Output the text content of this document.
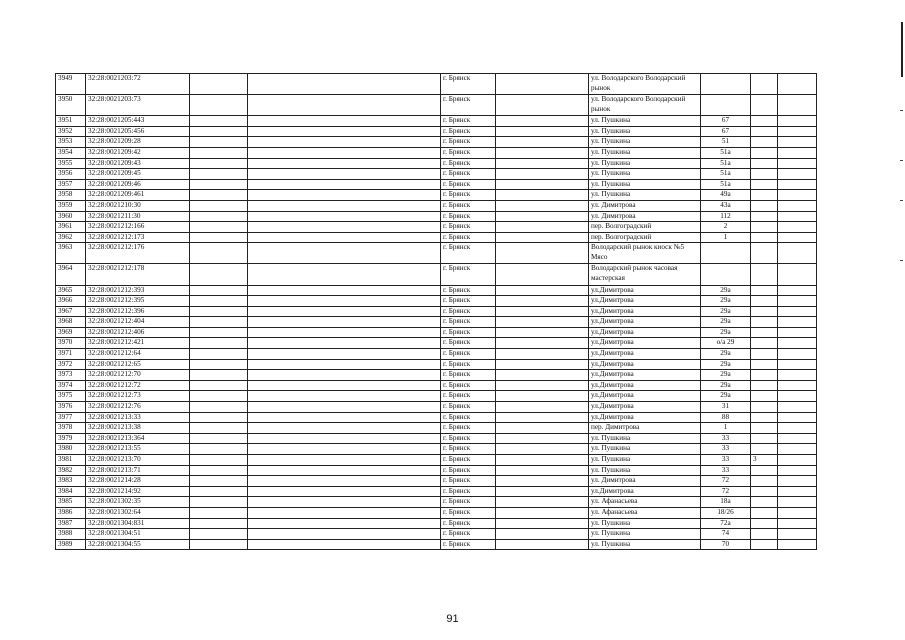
3949	32:28:0021203:72			г. Брянск		ул. Володарского Володарский рынок			
3950	32:28:0021203:73			г. Брянск		ул. Володарского Володарский рынок			
3951	32:28:0021205:443			г. Брянск		ул. Пушкина	67		
3952	32:28:0021205:456			г. Брянск		ул. Пушкина	67		
3953	32:28:0021209:28			г. Брянск		ул. Пушкина	51		
3954	32:28:0021209:42			г. Брянск		ул. Пушкина	51а		
3955	32:28:0021209:43			г. Брянск		ул. Пушкина	51а		
3956	32:28:0021209:45			г. Брянск		ул. Пушкина	51а		
3957	32:28:0021209:46			г. Брянск		ул. Пушкина	51а		
3958	32:28:0021209:461			г. Брянск		ул. Пушкина	49а		
3959	32:28:0021210:30			г. Брянск		ул. Димитрова	43а		
3960	32:28:0021211:30			г. Брянск		ул. Димитрова	112		
3961	32:28:0021212:166			г. Брянск		пер. Волгоградский	2		
3962	32:28:0021212:173			г. Брянск		пер. Волгоградский	1		
3963	32:28:0021212:176			г. Брянск		Володарский рынок киоск №5 Мясо			
3964	32:28:0021212:178			г. Брянск		Володарский рынок часовая мастерская			
3965	32:28:0021212:393			г. Брянск		ул.Димитрова	29а		
3966	32:28:0021212:395			г. Брянск		ул.Димитрова	29а		
3967	32:28:0021212:396			г. Брянск		ул.Димитрова	29а		
3968	32:28:0021212:404			г. Брянск		ул.Димитрова	29а		
3969	32:28:0021212:406			г. Брянск		ул.Димитрова	29а		
3970	32:28:0021212:421			г. Брянск		ул.Димитрова	о/а 29		
3971	32:28:0021212:64			г. Брянск		ул.Димитрова	29а		
3972	32:28:0021212:65			г. Брянск		ул.Димитрова	29а		
3973	32:28:0021212:70			г. Брянск		ул.Димитрова	29а		
3974	32:28:0021212:72			г. Брянск		ул.Димитрова	29а		
3975	32:28:0021212:73			г. Брянск		ул.Димитрова	29а		
3976	32:28:0021212:76			г. Брянск		ул.Димитрова	31		
3977	32:28:0021213:33			г. Брянск		ул.Димитрова	88		
3978	32:28:0021213:38			г. Брянск		пер. Димитрова	1		
3979	32:28:0021213:364			г. Брянск		ул. Пушкина	33		
3980	32:28:0021213:55			г. Брянск		ул. Пушкина	33		
3981	32:28:0021213:70			г. Брянск		ул. Пушкина	33	3	
3982	32:28:0021213:71			г. Брянск		ул. Пушкина	33		
3983	32:28:0021214:28			г. Брянск		ул. Димитрова	72		
3984	32:28:0021214:92			г. Брянск		ул.Димитрова	72		
3985	32:28:0021302:35			г. Брянск		ул. Афанасьева	18а		
3986	32:28:0021302:64			г. Брянск		ул. Афанасьева	18/26		
3987	32:28:0021304:831			г. Брянск		ул. Пушкина	72а		
3988	32:28:0021304:51			г. Брянск		ул. Пушкина	74		
3989	32:28:0021304:55			г. Брянск		ул. Пушкина	70		
91
